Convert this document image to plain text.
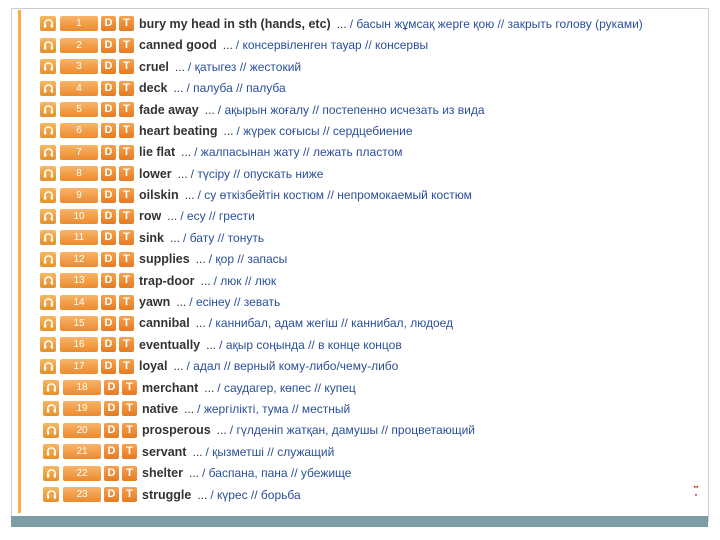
1	D T bury my head in sth (hands, etc) ... / басын жұмсақ жерге қою // закрыть голову (руками)
2	D T canned good ... / консервіленген тауар // консервы
3	D T cruel ... / қатыгез // жестокий
4	D T deck ... / палуба // палуба
5	D T fade away ... / ақырын жоғалу // постепенно исчезать из вида
6	D T heart beating ... / жүрек соғысы // сердцебиение
7	D T lie flat ... / жалпасынан жату // лежать пластом
8	D T lower ... / түсіру // опускать ниже
9	D T oilskin ... / су өткізбейтін костюм // непромокаемый костюм
10	D T row ... / есу // грести
11	D T sink ... / бату // тонуть
12	D T supplies ... / қор // запасы
13	D T trap-door ... / люк // люк
14	D T yawn ... / есінеу // зевать
15	D T cannibal ... / каннибал, адам жегіш // каннибал, людоед
16	D T eventually ... / ақыр соңында // в конце концов
17	D T loyal ... / адал // верный кому-либо/чему-либо
18	D T merchant ... / саудагер, көпес // купец
19	D T native ... / жергілікті, тума // местный
20	D T prosperous ... / гүлденіп жатқан, дамушы // процветающий
21	D T servant ... / қызметші // служащий
22	D T shelter ... / баспана, пана // убежище
23	D T struggle ... / күрес // борьба
▪▪
▪
